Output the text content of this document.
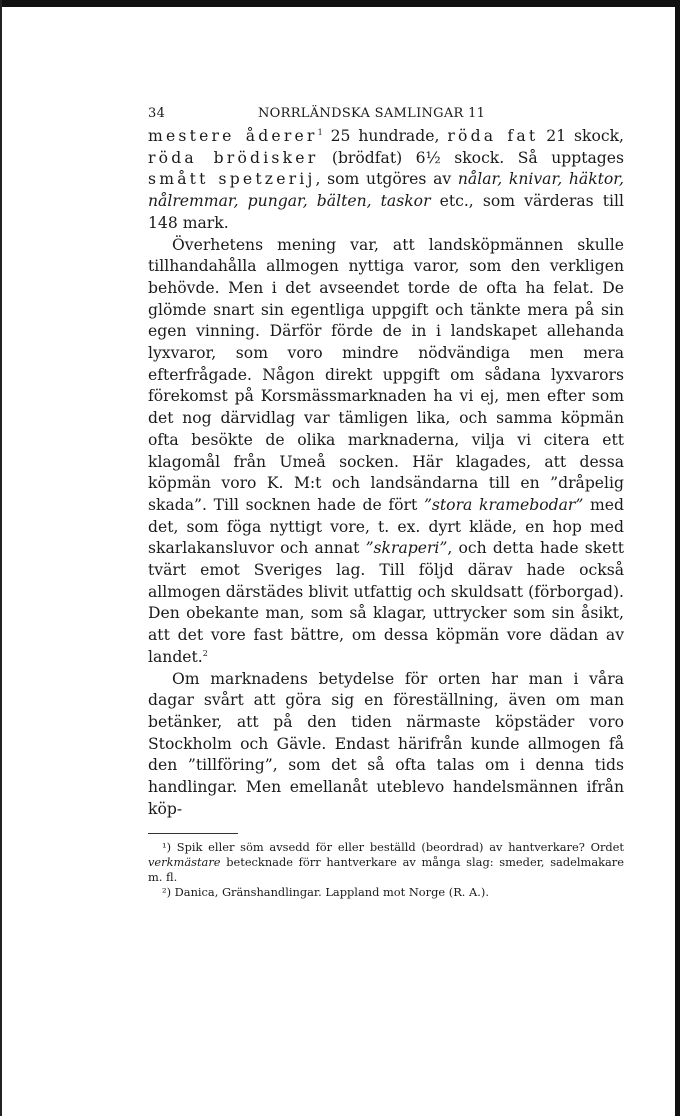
34	NORRLÄNDSKA SAMLINGAR 11

mestere åderer$^1$ 25 hundrade, röda fat 21 skock, röda brödisker (brödfat) 6½ skock. Så upptages smått spetzerij, som utgöres av nålar, knivar, häktor, nålremmar, pungar, bälten, taskor etc., som värderas till 148 mark.

Överhetens mening var, att landsköpmännen skulle tillhandahålla allmogen nyttiga varor, som den verkligen behövde. Men i det avseendet torde de ofta ha felat. De glömde snart sin egentliga uppgift och tänkte mera på sin egen vinning. Därför förde de in i landskapet allehanda lyxvaror, som voro mindre nödvändiga men mera efterfrågade. Någon direkt uppgift om sådana lyxvarors förekomst på Korsmässmarknaden ha vi ej, men efter som det nog därvidlag var tämligen lika, och samma köpmän ofta besökte de olika marknaderna, vilja vi citera ett klagomål från Umeå socken. Här klagades, att dessa köpmän voro K. M:t och landsändarna till en ”dråpelig skada”. Till socknen hade de fört ”stora kramebodar” med det, som föga nyttigt vore, t. ex. dyrt kläde, en hop med skarlakansluvor och annat ”skraperi”, och detta hade skett tvärt emot Sveriges lag. Till följd därav hade också allmogen därstädes blivit utfattig och skuldsatt (förborgad). Den obekante man, som så klagar, uttrycker som sin åsikt, att det vore fast bättre, om dessa köpmän vore dädan av landet.$^2$

Om marknadens betydelse för orten har man i våra dagar svårt att göra sig en föreställning, även om man betänker, att på den tiden närmaste köpstäder voro Stockholm och Gävle. Endast härifrån kunde allmogen få den ”tillföring”, som det så ofta talas om i denna tids handlingar. Men emellanåt uteblevo handelsmännen ifrån köp-

¹) Spik eller söm avsedd för eller beställd (beordrad) av hantverkare? Ordet verkmästare betecknade förr hantverkare av många slag: smeder, sadelmakare m. fl.

²) Danica, Gränshandlingar. Lappland mot Norge (R. A.).
